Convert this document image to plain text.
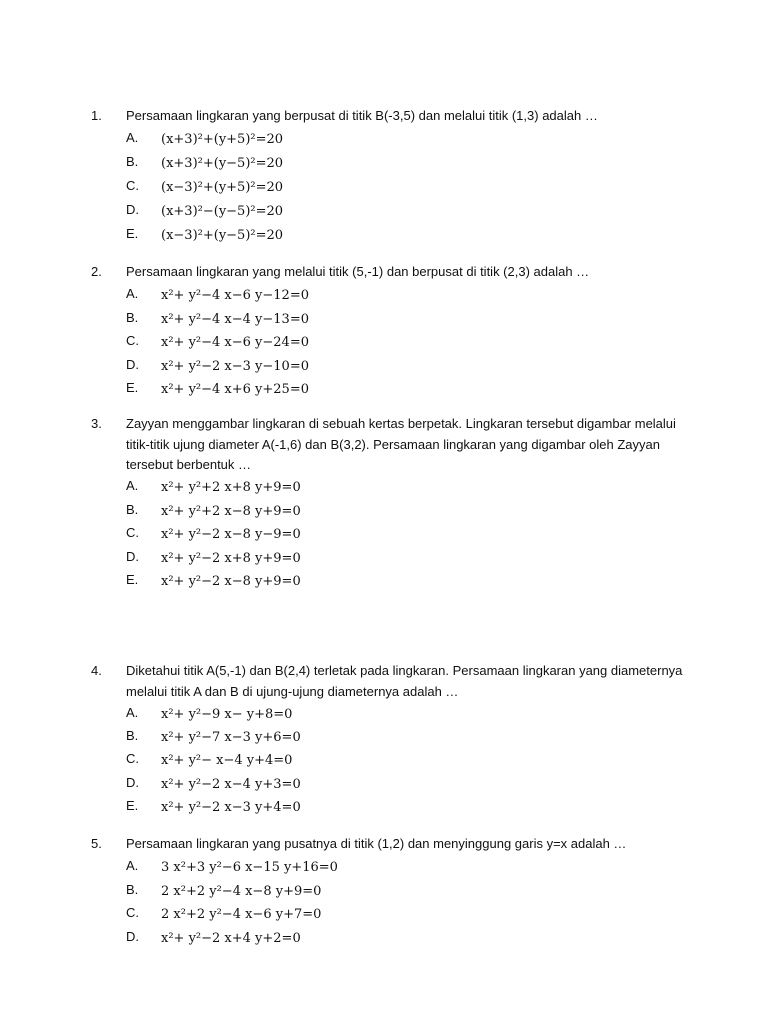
1. Persamaan lingkaran yang berpusat di titik B(-3,5) dan melalui titik (1,3) adalah …
A. (x+3)²+(y+5)²=20
B. (x+3)²+(y−5)²=20
C. (x−3)²+(y+5)²=20
D. (x+3)²−(y−5)²=20
E. (x−3)²+(y−5)²=20
2. Persamaan lingkaran yang melalui titik (5,-1) dan berpusat di titik (2,3) adalah …
A. x²+ y²−4 x−6 y−12=0
B. x²+ y²−4 x−4 y−13=0
C. x²+ y²−4 x−6 y−24=0
D. x²+ y²−2 x−3 y−10=0
E. x²+ y²−4 x+6 y+25=0
3. Zayyan menggambar lingkaran di sebuah kertas berpetak. Lingkaran tersebut digambar melalui titik-titik ujung diameter A(-1,6) dan B(3,2). Persamaan lingkaran yang digambar oleh Zayyan tersebut berbentuk …
A. x²+ y²+2 x+8 y+9=0
B. x²+ y²+2 x−8 y+9=0
C. x²+ y²−2 x−8 y−9=0
D. x²+ y²−2 x+8 y+9=0
E. x²+ y²−2 x−8 y+9=0
4. Diketahui titik A(5,-1) dan B(2,4) terletak pada lingkaran. Persamaan lingkaran yang diameternya melalui titik A dan B di ujung-ujung diameternya adalah …
A. x²+ y²−9 x− y+8=0
B. x²+ y²−7 x−3 y+6=0
C. x²+ y²− x−4 y+4=0
D. x²+ y²−2 x−4 y+3=0
E. x²+ y²−2 x−3 y+4=0
5. Persamaan lingkaran yang pusatnya di titik (1,2) dan menyinggung garis y=x adalah …
A. 3 x²+3 y²−6 x−15 y+16=0
B. 2 x²+2 y²−4 x−8 y+9=0
C. 2 x²+2 y²−4 x−6 y+7=0
D. x²+ y²−2 x+4 y+2=0
